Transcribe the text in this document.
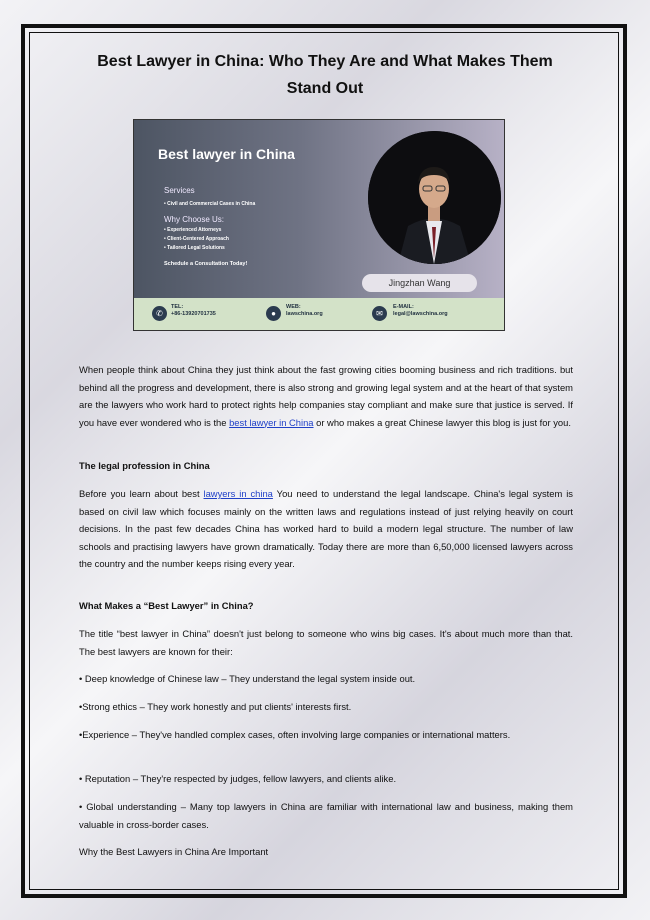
Best Lawyer in China: Who They Are and What Makes Them
Stand Out
Best lawyer in China
Services
• Civil and Commercial Cases in China
Why Choose Us:
• Experienced Attorneys
• Client-Centered Approach
• Tailored Legal Solutions
Schedule a Consultation Today!
Jingzhan Wang
✆
TEL:
+86-13920701735	●
WEB:
lawschina.org	✉
E-MAIL:
legal@lawschina.org

When people think about China they just think about the fast growing cities booming business and rich traditions. but behind all the progress and development, there is also strong and growing legal system and at the heart of that system are the lawyers who work hard to protect rights help companies stay compliant and make sure that justice is served. If you have ever wondered who is the best lawyer in China or who makes a great Chinese lawyer this blog is just for you.

The legal profession in China

Before you learn about best lawyers in china You need to understand the legal landscape. China's legal system is based on civil law which focuses mainly on the written laws and regulations instead of just relying heavily on court decisions. In the past few decades China has worked hard to build a modern legal structure. The number of law schools and practising lawyers have grown dramatically. Today there are more than 6,50,000 licensed lawyers across the country and the number keeps rising every year.

What Makes a “Best Lawyer” in China?

The title “best lawyer in China” doesn't just belong to someone who wins big cases. It's about much more than that. The best lawyers are known for their:

• Deep knowledge of Chinese law – They understand the legal system inside out.

•Strong ethics – They work honestly and put clients' interests first.

•Experience – They've handled complex cases, often involving large companies or international matters.

• Reputation – They're respected by judges, fellow lawyers, and clients alike.

• Global understanding – Many top lawyers in China are familiar with international law and business, making them valuable in cross-border cases.

Why the Best Lawyers in China Are Important
